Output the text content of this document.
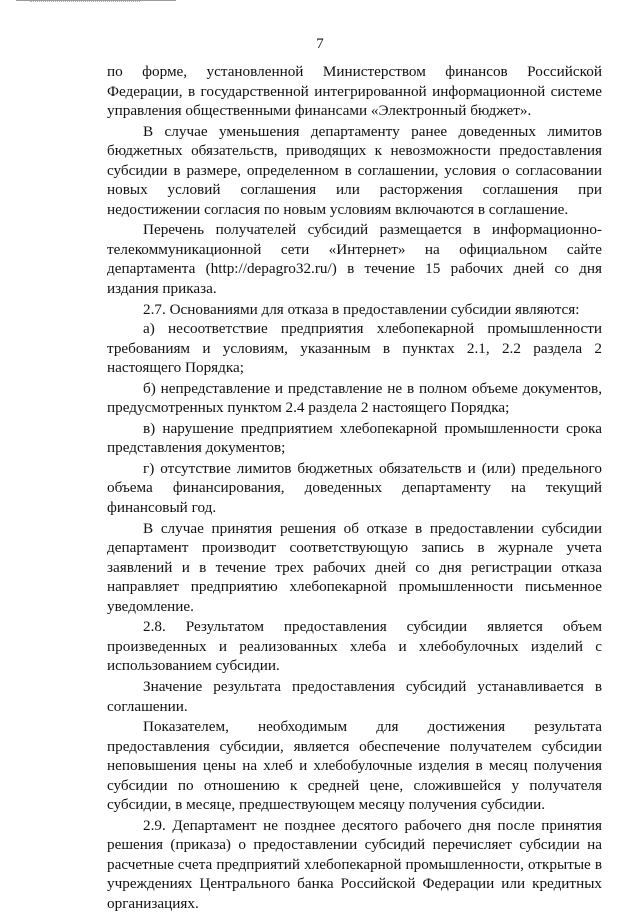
7

по форме, установленной Министерством финансов Российской Федерации, в государственной интегрированной информационной системе управления общественными финансами «Электронный бюджет».

В случае уменьшения департаменту ранее доведенных лимитов бюджетных обязательств, приводящих к невозможности предоставления субсидии в размере, определенном в соглашении, условия о согласовании новых условий соглашения или расторжения соглашения при недостижении согласия по новым условиям включаются в соглашение.

Перечень получателей субсидий размещается в информационно-телекоммуникационной сети «Интернет» на официальном сайте департамента (http://depagro32.ru/) в течение 15 рабочих дней со дня издания приказа.

2.7. Основаниями для отказа в предоставлении субсидии являются:

а) несоответствие предприятия хлебопекарной промышленности требованиям и условиям, указанным в пунктах 2.1, 2.2 раздела 2 настоящего Порядка;

б) непредставление и представление не в полном объеме документов, предусмотренных пунктом 2.4 раздела 2 настоящего Порядка;

в) нарушение предприятием хлебопекарной промышленности срока представления документов;

г) отсутствие лимитов бюджетных обязательств и (или) предельного объема финансирования, доведенных департаменту на текущий финансовый год.

В случае принятия решения об отказе в предоставлении субсидии департамент производит соответствующую запись в журнале учета заявлений и в течение трех рабочих дней со дня регистрации отказа направляет предприятию хлебопекарной промышленности письменное уведомление.

2.8. Результатом предоставления субсидии является объем произведенных и реализованных хлеба и хлебобулочных изделий с использованием субсидии.

Значение результата предоставления субсидий устанавливается в соглашении.

Показателем, необходимым для достижения результата предоставления субсидии, является обеспечение получателем субсидии неповышения цены на хлеб и хлебобулочные изделия в месяц получения субсидии по отношению к средней цене, сложившейся у получателя субсидии, в месяце, предшествующем месяцу получения субсидии.

2.9. Департамент не позднее десятого рабочего дня после принятия решения (приказа) о предоставлении субсидий перечисляет субсидии на расчетные счета предприятий хлебопекарной промышленности, открытые в учреждениях Центрального банка Российской Федерации или кредитных организациях.
